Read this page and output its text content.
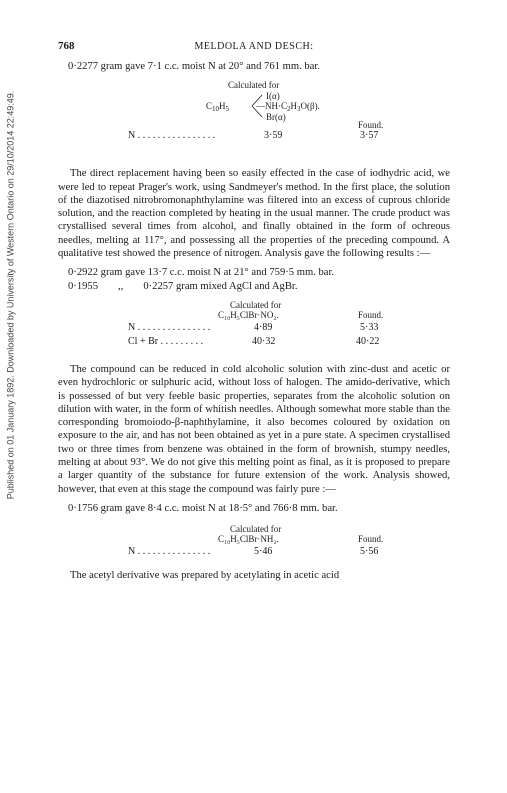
Published on 01 January 1892. Downloaded by University of Western Ontario on 29/10/2014 22:49:49.
768	MELDOLA AND DESCH:
0·2277 gram gave 7·1 c.c. moist N at 20° and 761 mm. bar.
Calculated for
I(α)
$C_{10}H_5$	$—NH\cdot C_2H_3O(\beta)$.
Br(α)
Found.
N . . . . . . . . . . . . . . . .	3·59	3·57
The direct replacement having been so easily effected in the case of iodhydric acid, we were led to repeat Prager's work, using Sandmeyer's method. In the first place, the solution of the diazotised nitrobromonaphthylamine was filtered into an excess of cuprous chloride solution, and the reaction completed by heating in the usual manner. The crude product was crystallised several times from alcohol, and finally obtained in the form of ochreous needles, melting at 117°, and possessing all the properties of the preceding compound. A qualitative test showed the presence of nitrogen. Analysis gave the following results :—
0·2922 gram gave 13·7 c.c. moist N at 21° and 759·5 mm. bar.
0·1955 ,, 0·2257 gram mixed AgCl and AgBr.
Calculated for
C₁₀H₅ClBr·NO₂.	Found.
N . . . . . . . . . . . . . . .	4·89	5·33
Cl + Br . . . . . . . . .	40·32	40·22
The compound can be reduced in cold alcoholic solution with zinc-dust and acetic or even hydrochloric or sulphuric acid, without loss of halogen. The amido-derivative, which is possessed of but very feeble basic properties, separates from the alcoholic solution on dilution with water, in the form of whitish needles. Although somewhat more stable than the corresponding bromoiodo-β-naphthylamine, it also becomes coloured by oxidation on exposure to the air, and has not been obtained as yet in a pure state. A specimen crystallised two or three times from benzene was obtained in the form of brownish, stumpy needles, melting at about 93°. We do not give this melting point as final, as it is proposed to prepare a larger quantity of the substance for future extension of the work. Analysis showed, however, that even at this stage the compound was fairly pure :—
0·1756 gram gave 8·4 c.c. moist N at 18·5° and 766·8 mm. bar.
Calculated for
C₁₀H₅ClBr·NH₂.	Found.
N . . . . . . . . . . . . . . .	5·46	5·56
The acetyl derivative was prepared by acetylating in acetic acid
